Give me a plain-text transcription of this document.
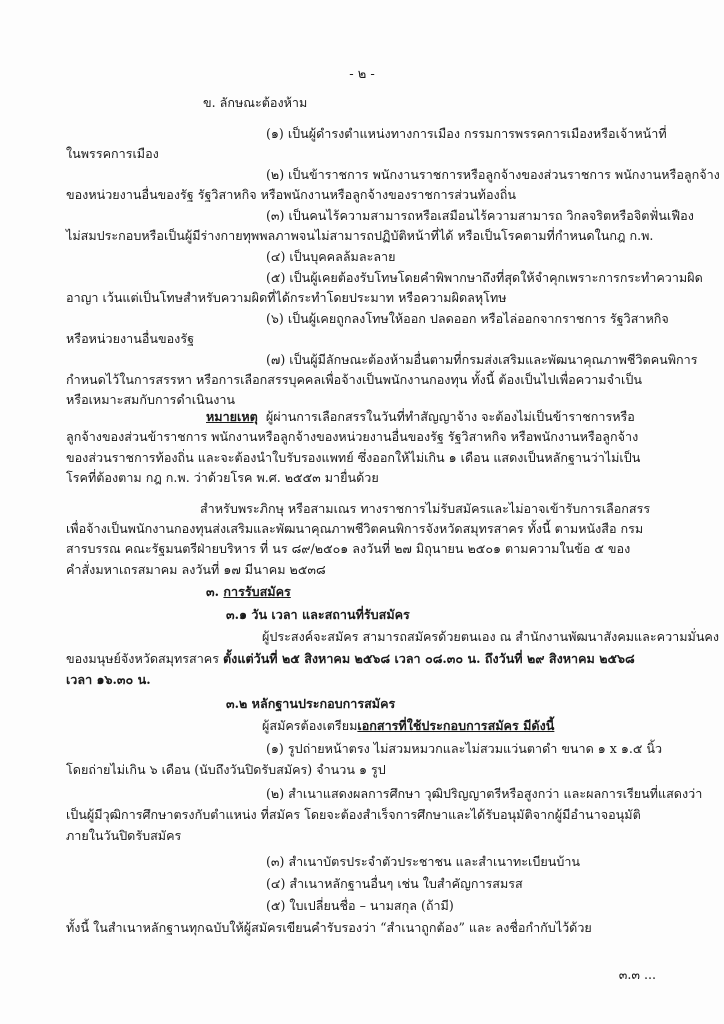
- ๒ -
ข. ลักษณะต้องห้าม
(๑) เป็นผู้ดำรงตำแหน่งทางการเมือง กรรมการพรรคการเมืองหรือเจ้าหน้าที่
ในพรรคการเมือง
(๒) เป็นข้าราชการ พนักงานราชการหรือลูกจ้างของส่วนราชการ พนักงานหรือลูกจ้าง
ของหน่วยงานอื่นของรัฐ รัฐวิสาหกิจ หรือพนักงานหรือลูกจ้างของราชการส่วนท้องถิ่น
(๓) เป็นคนไร้ความสามารถหรือเสมือนไร้ความสามารถ วิกลจริตหรือจิตฟั่นเฟือง
ไม่สมประกอบหรือเป็นผู้มีร่างกายทุพพลภาพจนไม่สามารถปฏิบัติหน้าที่ได้ หรือเป็นโรคตามที่กำหนดในกฎ ก.พ.
(๔) เป็นบุคคลล้มละลาย
(๕) เป็นผู้เคยต้องรับโทษโดยคำพิพากษาถึงที่สุดให้จำคุกเพราะการกระทำความผิด
อาญา เว้นแต่เป็นโทษสำหรับความผิดที่ได้กระทำโดยประมาท หรือความผิดลหุโทษ
(๖) เป็นผู้เคยถูกลงโทษให้ออก ปลดออก หรือไล่ออกจากราชการ รัฐวิสาหกิจ
หรือหน่วยงานอื่นของรัฐ
(๗) เป็นผู้มีลักษณะต้องห้ามอื่นตามที่กรมส่งเสริมและพัฒนาคุณภาพชีวิตคนพิการ
กำหนดไว้ในการสรรหา หรือการเลือกสรรบุคคลเพื่อจ้างเป็นพนักงานกองทุน ทั้งนี้ ต้องเป็นไปเพื่อความจำเป็น
หรือเหมาะสมกับการดำเนินงาน
หมายเหตุ ผู้ผ่านการเลือกสรรในวันที่ทำสัญญาจ้าง จะต้องไม่เป็นข้าราชการหรือ
ลูกจ้างของส่วนข้าราชการ พนักงานหรือลูกจ้างของหน่วยงานอื่นของรัฐ รัฐวิสาหกิจ หรือพนักงานหรือลูกจ้าง
ของส่วนราชการท้องถิ่น และจะต้องนำใบรับรองแพทย์ ซึ่งออกให้ไม่เกิน ๑ เดือน แสดงเป็นหลักฐานว่าไม่เป็น
โรคที่ต้องตาม กฎ ก.พ. ว่าด้วยโรค พ.ศ. ๒๕๕๓ มายื่นด้วย
สำหรับพระภิกษุ หรือสามเณร ทางราชการไม่รับสมัครและไม่อาจเข้ารับการเลือกสรร
เพื่อจ้างเป็นพนักงานกองทุนส่งเสริมและพัฒนาคุณภาพชีวิตคนพิการจังหวัดสมุทรสาคร ทั้งนี้ ตามหนังสือ กรม
สารบรรณ คณะรัฐมนตรีฝ่ายบริหาร ที่ นร ๘๙/๒๕๐๑ ลงวันที่ ๒๗ มิถุนายน ๒๕๐๑ ตามความในข้อ ๕ ของ
คำสั่งมหาเถรสมาคม ลงวันที่ ๑๗ มีนาคม ๒๕๓๘
๓. การรับสมัคร
๓.๑ วัน เวลา และสถานที่รับสมัคร
ผู้ประสงค์จะสมัคร สามารถสมัครด้วยตนเอง ณ สำนักงานพัฒนาสังคมและความมั่นคง
ของมนุษย์จังหวัดสมุทรสาคร ตั้งแต่วันที่ ๒๕ สิงหาคม ๒๕๖๘ เวลา ๐๘.๓๐ น. ถึงวันที่ ๒๙ สิงหาคม ๒๕๖๘
เวลา ๑๖.๓๐ น.
๓.๒ หลักฐานประกอบการสมัคร
ผู้สมัครต้องเตรียมเอกสารที่ใช้ประกอบการสมัคร มีดังนี้
(๑) รูปถ่ายหน้าตรง ไม่สวมหมวกและไม่สวมแว่นตาดำ ขนาด ๑ x ๑.๕ นิ้ว
โดยถ่ายไม่เกิน ๖ เดือน (นับถึงวันปิดรับสมัคร) จำนวน ๑ รูป
(๒) สำเนาแสดงผลการศึกษา วุฒิปริญญาตรีหรือสูงกว่า และผลการเรียนที่แสดงว่า
เป็นผู้มีวุฒิการศึกษาตรงกับตำแหน่ง ที่สมัคร โดยจะต้องสำเร็จการศึกษาและได้รับอนุมัติจากผู้มีอำนาจอนุมัติ
ภายในวันปิดรับสมัคร
(๓) สำเนาบัตรประจำตัวประชาชน และสำเนาทะเบียนบ้าน
(๔) สำเนาหลักฐานอื่นๆ เช่น ใบสำคัญการสมรส
(๕) ใบเปลี่ยนชื่อ – นามสกุล (ถ้ามี)
ทั้งนี้ ในสำเนาหลักฐานทุกฉบับให้ผู้สมัครเขียนคำรับรองว่า “สำเนาถูกต้อง” และ ลงชื่อกำกับไว้ด้วย
๓.๓ ...
